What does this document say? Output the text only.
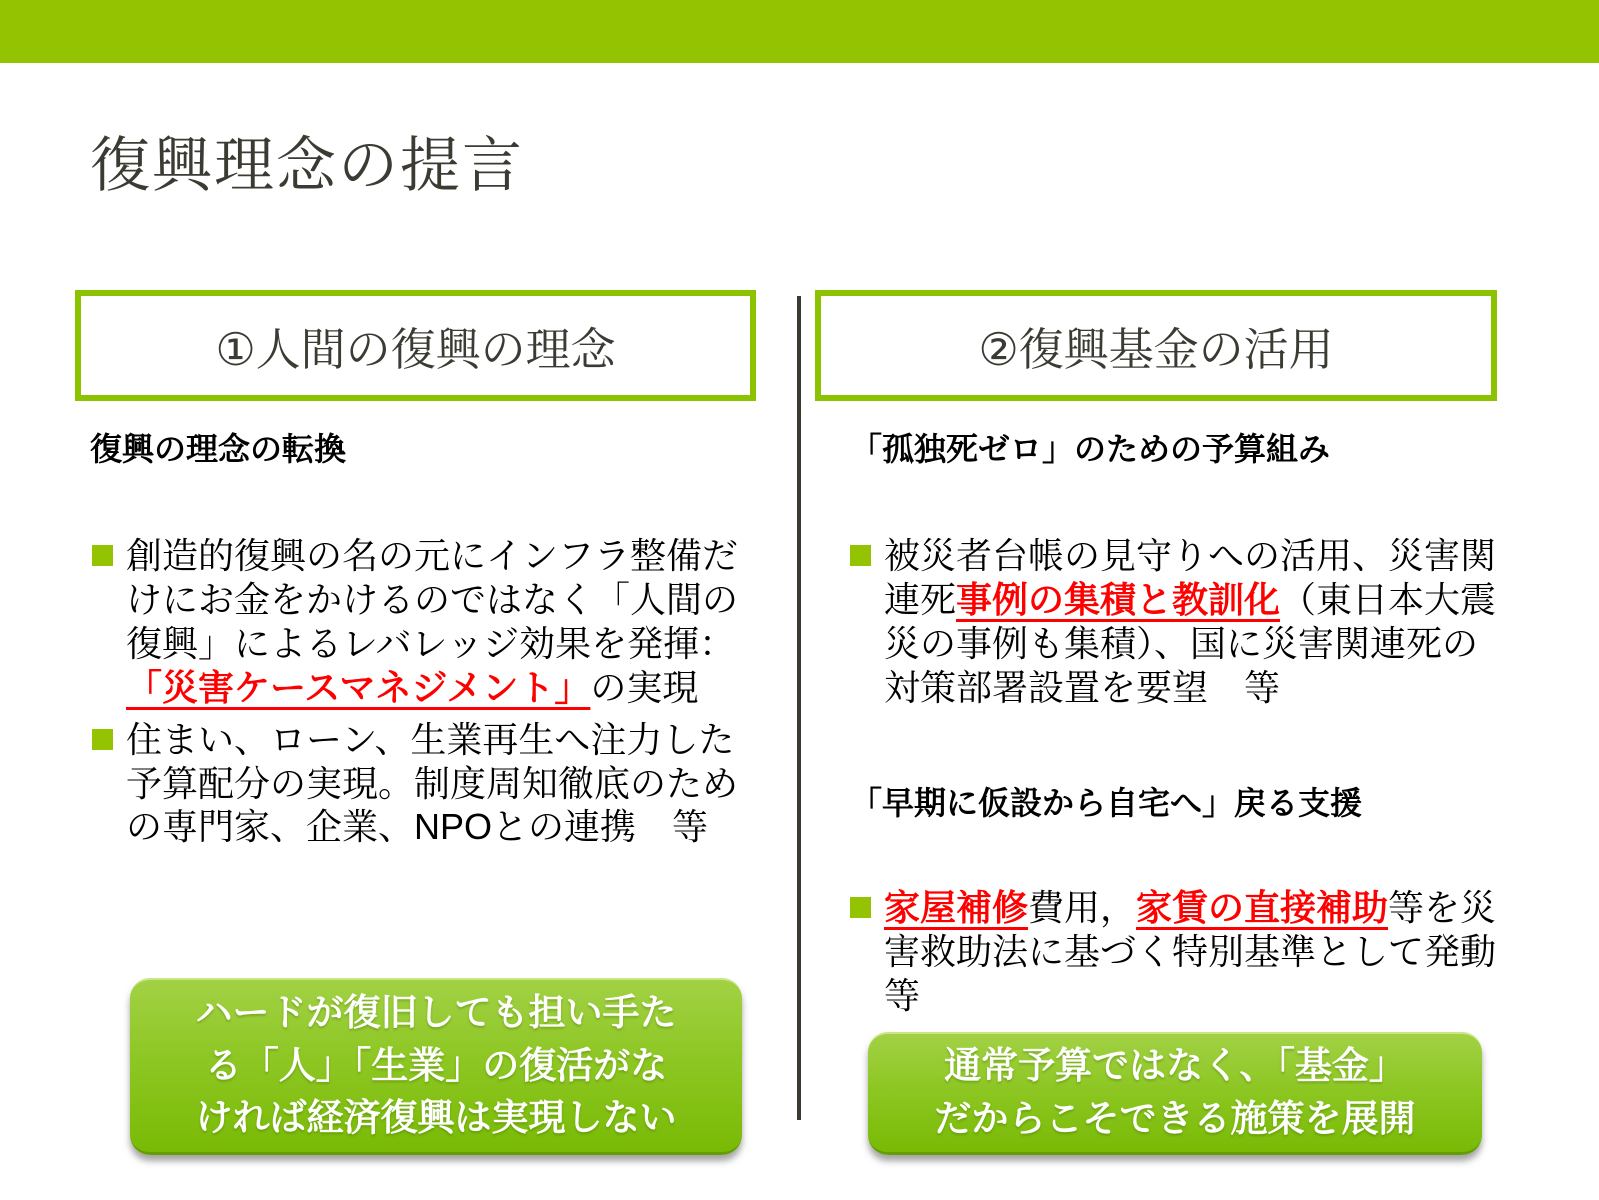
復興理念の提言
①人間の復興の理念	②復興基金の活用
復興の理念の転換
創造的復興の名の元にインフラ整備だけにお金をかけるのではなく「人間の復興」によるレバレッジ効果を発揮：「災害ケースマネジメント」の実現
住まい、ローン、生業再生へ注力した予算配分の実現。制度周知徹底のための専門家、企業、NPOとの連携　等
「孤独死ゼロ」のための予算組み
被災者台帳の見守りへの活用、災害関連死事例の集積と教訓化（東日本大震災の事例も集積）、国に災害関連死の対策部署設置を要望　等
「早期に仮設から自宅へ」戻る支援
家屋補修費用，家賃の直接補助等を災害救助法に基づく特別基準として発動　等
ハードが復旧しても担い手た
る「人」「生業」の復活がな
ければ経済復興は実現しない
通常予算ではなく、「基金」
だからこそできる施策を展開
